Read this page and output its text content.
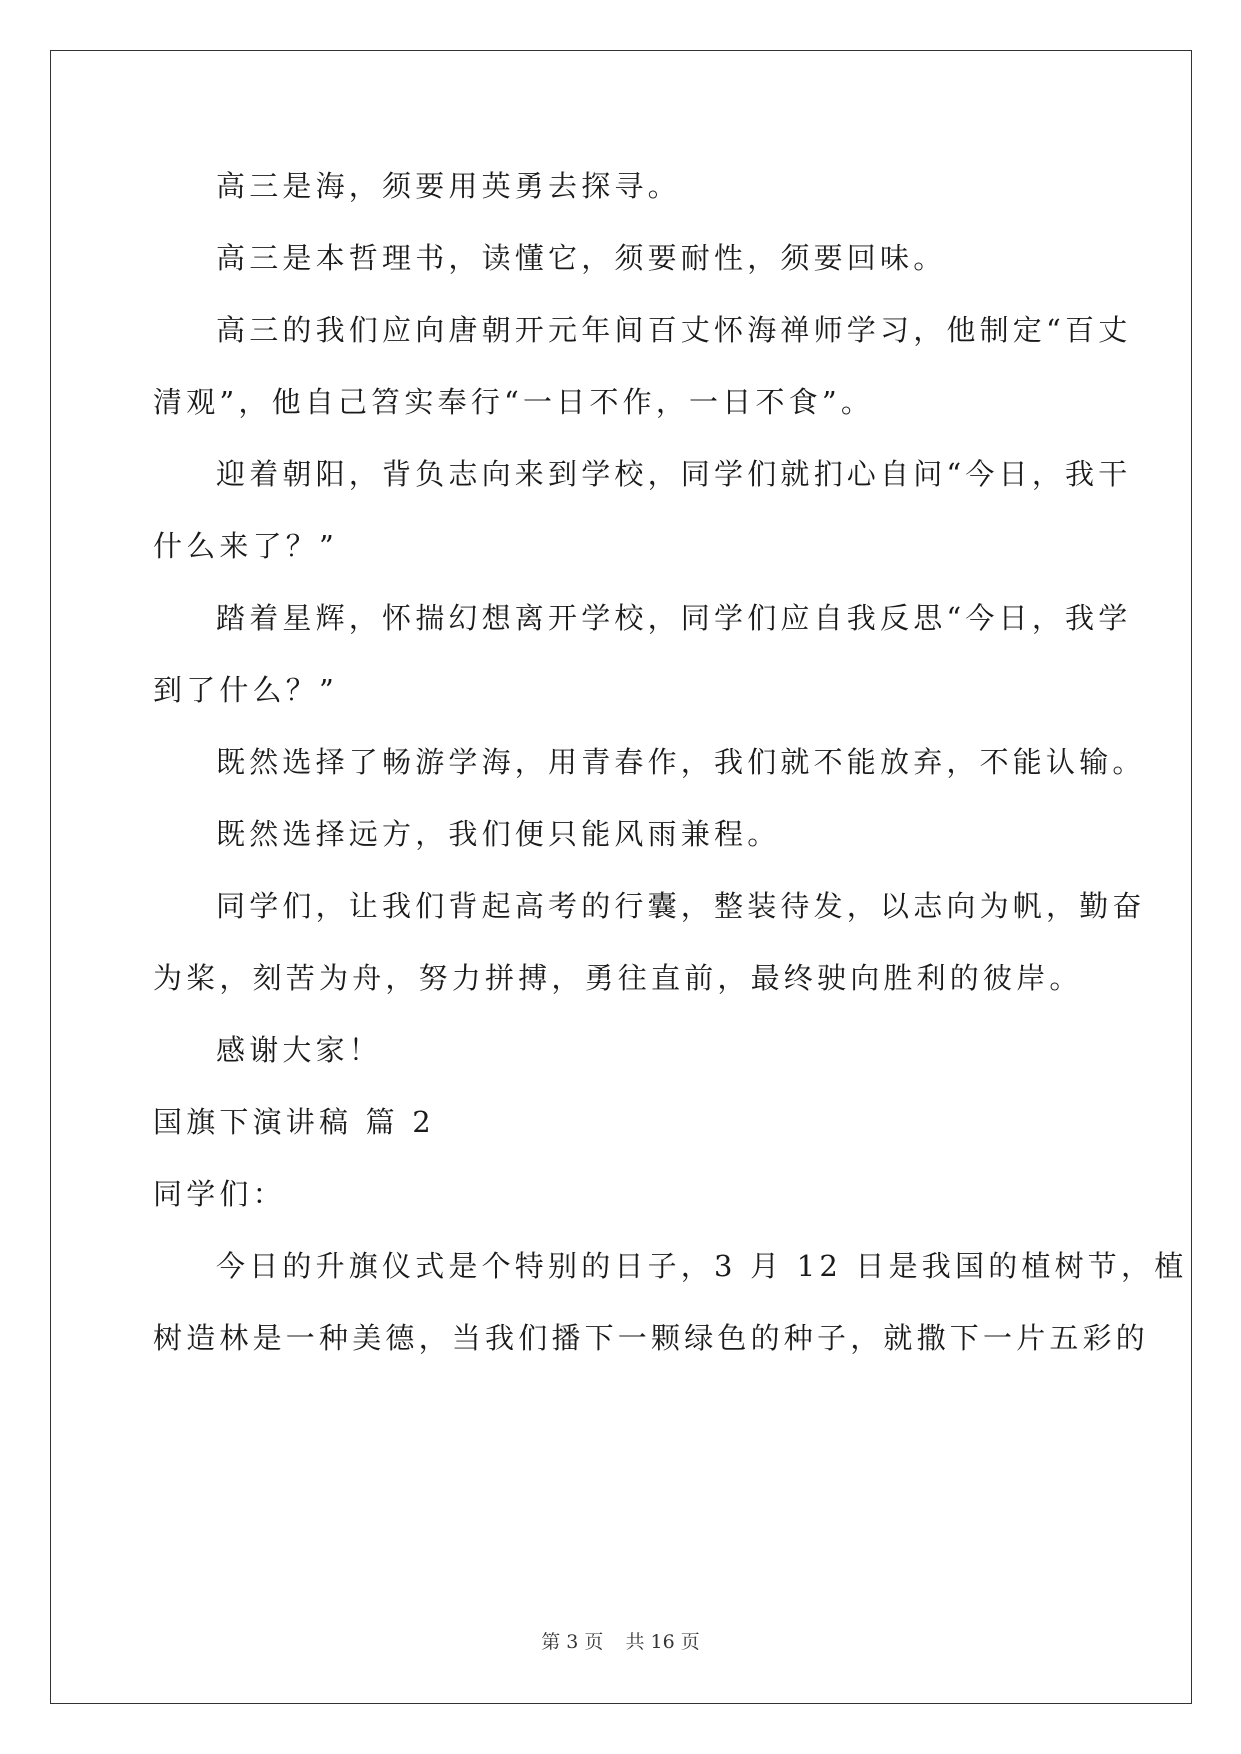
高三是海，须要用英勇去探寻。
高三是本哲理书，读懂它，须要耐性，须要回味。
高三的我们应向唐朝开元年间百丈怀海禅师学习，他制定“百丈
清观”，他自己笤实奉行“一日不作，一日不食”。
迎着朝阳，背负志向来到学校，同学们就扪心自问“今日，我干
什么来了？”
踏着星辉，怀揣幻想离开学校，同学们应自我反思“今日，我学
到了什么？”
既然选择了畅游学海，用青春作，我们就不能放弃，不能认输。
既然选择远方，我们便只能风雨兼程。
同学们，让我们背起高考的行囊，整装待发，以志向为帆，勤奋
为桨，刻苦为舟，努力拼搏，勇往直前，最终驶向胜利的彼岸。
感谢大家！
国旗下演讲稿 篇 2
同学们：
今日的升旗仪式是个特别的日子，3 月 12 日是我国的植树节，植
树造林是一种美德，当我们播下一颗绿色的种子，就撒下一片五彩的
第 3 页 共 16 页
